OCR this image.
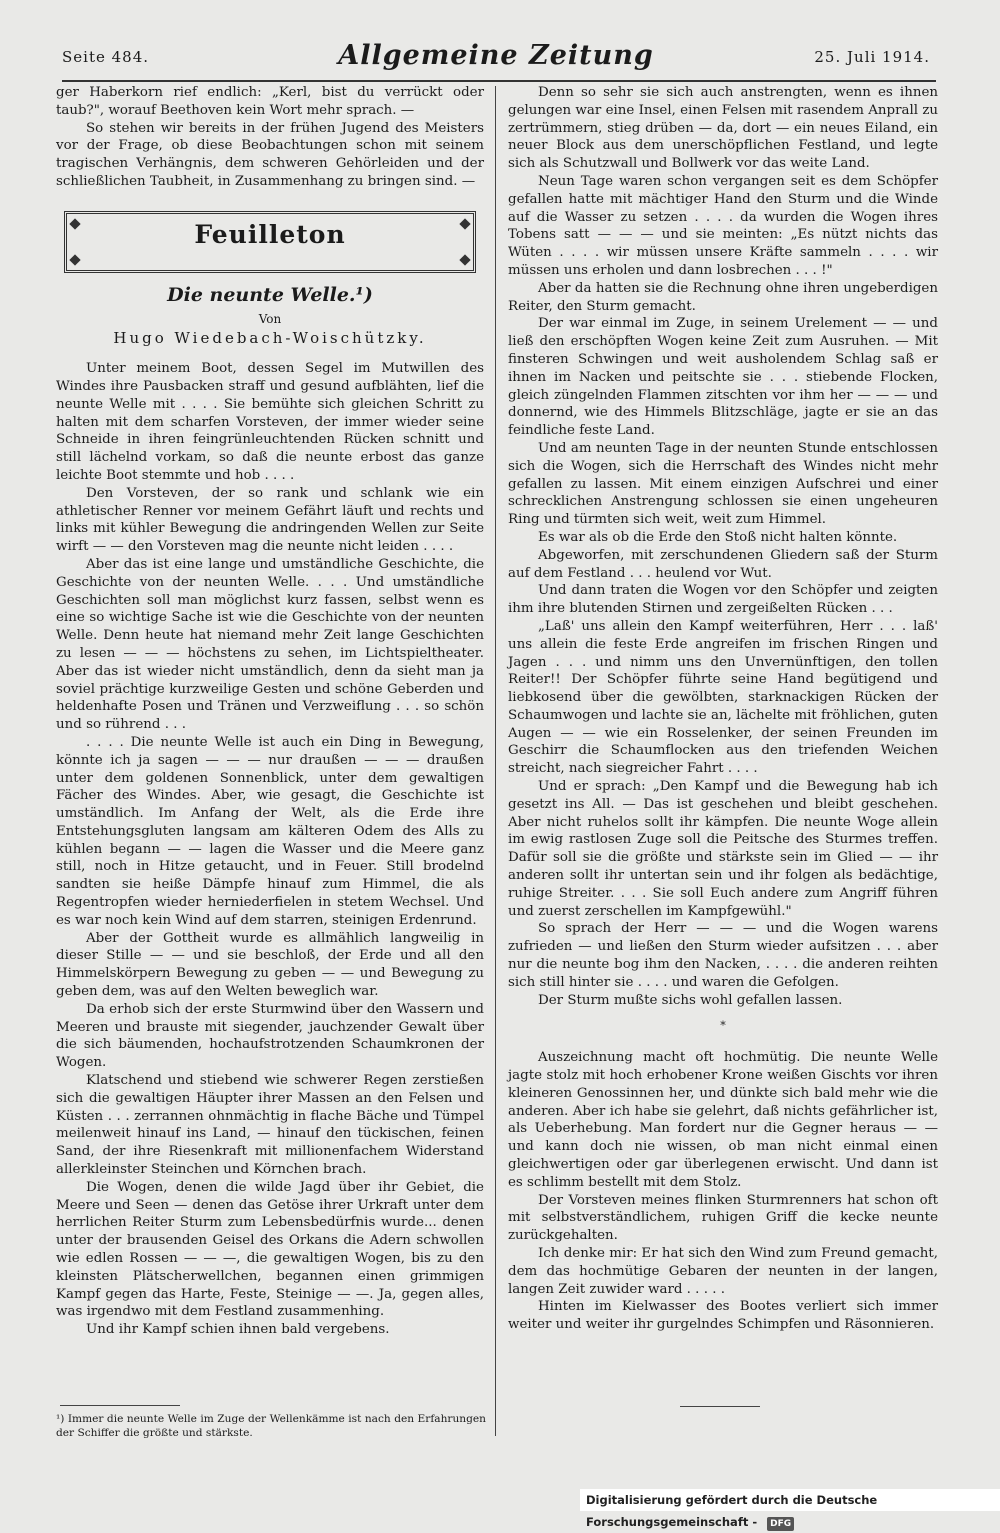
Seite 484.	Allgemeine Zeitung	25. Juli 1914.

ger Haberkorn rief endlich: „Kerl, bist du verrückt oder taub?", worauf Beethoven kein Wort mehr sprach. —

So stehen wir bereits in der frühen Jugend des Meisters vor der Frage, ob diese Beobachtungen schon mit seinem tragischen Verhängnis, dem schweren Gehörleiden und der schließlichen Taubheit, in Zusammenhang zu bringen sind. —

Feuilleton
Die neunte Welle.¹)
Von
Hugo Wiedebach-Woischützky.

Unter meinem Boot, dessen Segel im Mutwillen des Windes ihre Pausbacken straff und gesund aufblähten, lief die neunte Welle mit . . . . Sie bemühte sich gleichen Schritt zu halten mit dem scharfen Vorsteven, der immer wieder seine Schneide in ihren feingrünleuchtenden Rücken schnitt und still lächelnd vorkam, so daß die neunte erbost das ganze leichte Boot stemmte und hob . . . .

Den Vorsteven, der so rank und schlank wie ein athletischer Renner vor meinem Gefährt läuft und rechts und links mit kühler Bewegung die andringenden Wellen zur Seite wirft — — den Vorsteven mag die neunte nicht leiden . . . .

Aber das ist eine lange und umständliche Geschichte, die Geschichte von der neunten Welle. . . . Und umständliche Geschichten soll man möglichst kurz fassen, selbst wenn es eine so wichtige Sache ist wie die Geschichte von der neunten Welle. Denn heute hat niemand mehr Zeit lange Geschichten zu lesen — — — höchstens zu sehen, im Lichtspieltheater. Aber das ist wieder nicht umständlich, denn da sieht man ja soviel prächtige kurzweilige Gesten und schöne Geberden und heldenhafte Posen und Tränen und Verzweiflung . . . so schön und so rührend . . .

. . . . Die neunte Welle ist auch ein Ding in Bewegung, könnte ich ja sagen — — — nur draußen — — — draußen unter dem goldenen Sonnenblick, unter dem gewaltigen Fächer des Windes. Aber, wie gesagt, die Geschichte ist umständlich. Im Anfang der Welt, als die Erde ihre Entstehungsgluten langsam am kälteren Odem des Alls zu kühlen begann — — lagen die Wasser und die Meere ganz still, noch in Hitze getaucht, und in Feuer. Still brodelnd sandten sie heiße Dämpfe hinauf zum Himmel, die als Regentropfen wieder herniederfielen in stetem Wechsel. Und es war noch kein Wind auf dem starren, steinigen Erdenrund.

Aber der Gottheit wurde es allmählich langweilig in dieser Stille — — und sie beschloß, der Erde und all den Himmelskörpern Bewegung zu geben — — und Bewegung zu geben dem, was auf den Welten beweglich war.

Da erhob sich der erste Sturmwind über den Wassern und Meeren und brauste mit siegender, jauchzender Gewalt über die sich bäumenden, hochaufstrotzenden Schaumkronen der Wogen.

Klatschend und stiebend wie schwerer Regen zerstießen sich die gewaltigen Häupter ihrer Massen an den Felsen und Küsten . . . zerrannen ohnmächtig in flache Bäche und Tümpel meilenweit hinauf ins Land, — hinauf den tückischen, feinen Sand, der ihre Riesenkraft mit millionenfachem Widerstand allerkleinster Steinchen und Körnchen brach.

Die Wogen, denen die wilde Jagd über ihr Gebiet, die Meere und Seen — denen das Getöse ihrer Urkraft unter dem herrlichen Reiter Sturm zum Lebensbedürfnis wurde... denen unter der brausenden Geisel des Orkans die Adern schwollen wie edlen Rossen — — —, die gewaltigen Wogen, bis zu den kleinsten Plätscherwellchen, begannen einen grimmigen Kampf gegen das Harte, Feste, Steinige — —. Ja, gegen alles, was irgendwo mit dem Festland zusammenhing.

Und ihr Kampf schien ihnen bald vergebens.

Denn so sehr sie sich auch anstrengten, wenn es ihnen gelungen war eine Insel, einen Felsen mit rasendem Anprall zu zertrümmern, stieg drüben — da, dort — ein neues Eiland, ein neuer Block aus dem unerschöpflichen Festland, und legte sich als Schutzwall und Bollwerk vor das weite Land.

Neun Tage waren schon vergangen seit es dem Schöpfer gefallen hatte mit mächtiger Hand den Sturm und die Winde auf die Wasser zu setzen . . . . da wurden die Wogen ihres Tobens satt — — — und sie meinten: „Es nützt nichts das Wüten . . . . wir müssen unsere Kräfte sammeln . . . . wir müssen uns erholen und dann losbrechen . . . !"

Aber da hatten sie die Rechnung ohne ihren ungeberdigen Reiter, den Sturm gemacht.

Der war einmal im Zuge, in seinem Urelement — — und ließ den erschöpften Wogen keine Zeit zum Ausruhen. — Mit finsteren Schwingen und weit ausholendem Schlag saß er ihnen im Nacken und peitschte sie . . . stiebende Flocken, gleich züngelnden Flammen zitschten vor ihm her — — — und donnernd, wie des Himmels Blitzschläge, jagte er sie an das feindliche feste Land.

Und am neunten Tage in der neunten Stunde entschlossen sich die Wogen, sich die Herrschaft des Windes nicht mehr gefallen zu lassen. Mit einem einzigen Aufschrei und einer schrecklichen Anstrengung schlossen sie einen ungeheuren Ring und türmten sich weit, weit zum Himmel.

Es war als ob die Erde den Stoß nicht halten könnte.

Abgeworfen, mit zerschundenen Gliedern saß der Sturm auf dem Festland . . . heulend vor Wut.

Und dann traten die Wogen vor den Schöpfer und zeigten ihm ihre blutenden Stirnen und zergeißelten Rücken . . .

„Laß' uns allein den Kampf weiterführen, Herr . . . laß' uns allein die feste Erde angreifen im frischen Ringen und Jagen . . . und nimm uns den Unvernünftigen, den tollen Reiter!! Der Schöpfer führte seine Hand begütigend und liebkosend über die gewölbten, starknackigen Rücken der Schaumwogen und lachte sie an, lächelte mit fröhlichen, guten Augen — — wie ein Rosselenker, der seinen Freunden im Geschirr die Schaumflocken aus den triefenden Weichen streicht, nach siegreicher Fahrt . . . .

Und er sprach: „Den Kampf und die Bewegung hab ich gesetzt ins All. — Das ist geschehen und bleibt geschehen. Aber nicht ruhelos sollt ihr kämpfen. Die neunte Woge allein im ewig rastlosen Zuge soll die Peitsche des Sturmes treffen. Dafür soll sie die größte und stärkste sein im Glied — — ihr anderen sollt ihr untertan sein und ihr folgen als bedächtige, ruhige Streiter. . . . Sie soll Euch andere zum Angriff führen und zuerst zerschellen im Kampfgewühl."

So sprach der Herr — — — und die Wogen warens zufrieden — und ließen den Sturm wieder aufsitzen . . . aber nur die neunte bog ihm den Nacken, . . . . die anderen reihten sich still hinter sie . . . . und waren die Gefolgen.

Der Sturm mußte sichs wohl gefallen lassen.

*

Auszeichnung macht oft hochmütig. Die neunte Welle jagte stolz mit hoch erhobener Krone weißen Gischts vor ihren kleineren Genossinnen her, und dünkte sich bald mehr wie die anderen. Aber ich habe sie gelehrt, daß nichts gefährlicher ist, als Ueberhebung. Man fordert nur die Gegner heraus — — und kann doch nie wissen, ob man nicht einmal einen gleichwertigen oder gar überlegenen erwischt. Und dann ist es schlimm bestellt mit dem Stolz.

Der Vorsteven meines flinken Sturmrenners hat schon oft mit selbstverständlichem, ruhigen Griff die kecke neunte zurückgehalten.

Ich denke mir: Er hat sich den Wind zum Freund gemacht, dem das hochmütige Gebaren der neunten in der langen, langen Zeit zuwider ward . . . . .

Hinten im Kielwasser des Bootes verliert sich immer weiter und weiter ihr gurgelndes Schimpfen und Räsonnieren.

¹) Immer die neunte Welle im Zuge der Wellenkämme ist nach den Erfahrungen der Schiffer die größte und stärkste.
Digitalisierung gefördert durch die Deutsche Forschungsgemeinschaft - DFG
